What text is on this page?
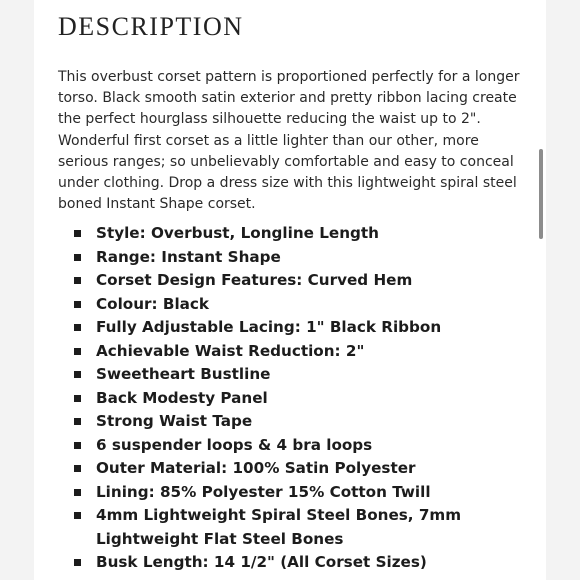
DESCRIPTION

This overbust corset pattern is proportioned perfectly for a longer torso. Black smooth satin exterior and pretty ribbon lacing create the perfect hourglass silhouette reducing the waist up to 2". Wonderful first corset as a little lighter than our other, more serious ranges; so unbelievably comfortable and easy to conceal under clothing. Drop a dress size with this lightweight spiral steel boned Instant Shape corset.

Style: Overbust, Longline Length
Range: Instant Shape
Corset Design Features: Curved Hem
Colour: Black
Fully Adjustable Lacing: 1" Black Ribbon
Achievable Waist Reduction: 2"
Sweetheart Bustline
Back Modesty Panel
Strong Waist Tape
6 suspender loops & 4 bra loops
Outer Material: 100% Satin Polyester
Lining: 85% Polyester 15% Cotton Twill
4mm Lightweight Spiral Steel Bones, 7mm Lightweight Flat Steel Bones
Busk Length: 14 1/2" (All Corset Sizes)
